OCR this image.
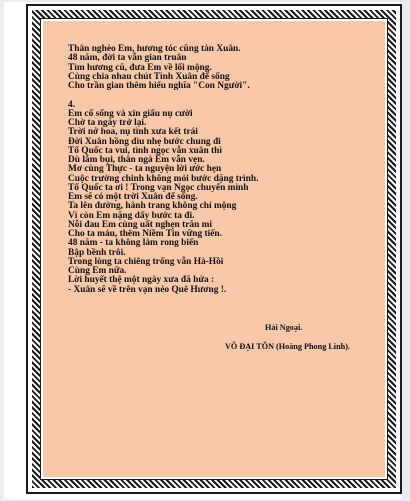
Thân nghèo Em, hương tóc cũng tàn Xuân.
48 năm, đời ta vẫn gian truân
Tìm hương cũ, đưa Em về lối mộng.
Cùng chia nhau chút Tình Xuân để sống
Cho trần gian thêm hiểu nghĩa "Con Người".
4.
Em cố sống và xin giấu nụ cười
Chờ ta ngày trở lại.
Trời nở hoa, nụ tình xưa kết trái
Đời Xuân hồng dìu nhẹ bước chung đi
Tổ Quốc ta vui, tình ngọc vẫn xuân thì
Dù lắm bụi, thân ngà Em vẫn vẹn.
Mơ cùng Thực - ta nguyện lời ước hẹn
Cuộc trường chinh không mỏi bước dặng trình.
Tổ Quốc ta ơi ! Trong vạn Ngọc chuyển mình
Em sẽ có một trời Xuân để sống.
Ta lên đường, hành trang không chỉ mộng
Vì còn Em nặng dấy bước ta đi.
Nỗi đau Em cùng uất nghẹn trăn mi
Cho ta máu, thêm Niềm Tin vững tiến.
48 năm - ta không làm rong biển
Bập bềnh trôi.
Trong lòng ta chiêng trống vẫn Hà-Hồi
Cùng Em nữa.
Lời huyết thệ một ngày xưa đã hứa :
- Xuân sẽ về trên vạn nẻo Quê Hương !.
Hải Ngoại.
VÕ ĐẠI TÔN (Hoàng Phong Linh).
